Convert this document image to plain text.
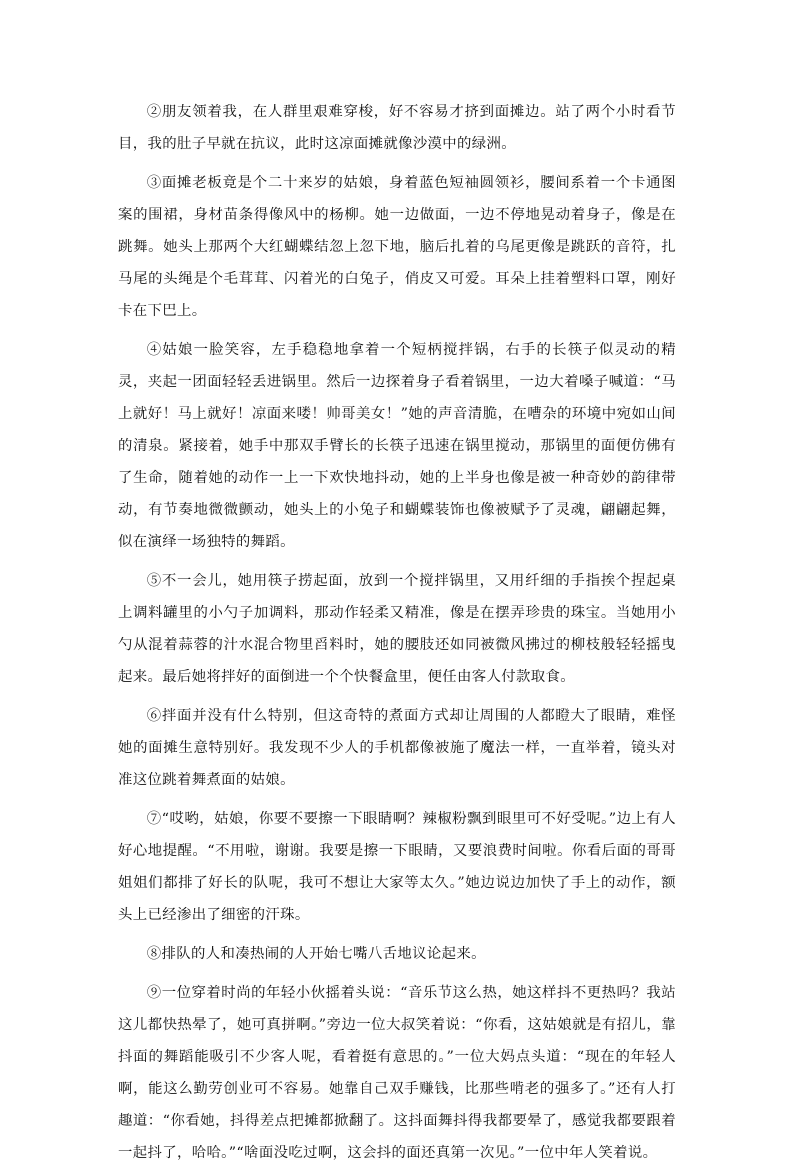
②朋友领着我，在人群里艰难穿梭，好不容易才挤到面摊边。站了两个小时看节目，我的肚子早就在抗议，此时这凉面摊就像沙漠中的绿洲。

③面摊老板竟是个二十来岁的姑娘，身着蓝色短袖圆领衫，腰间系着一个卡通图案的围裙，身材苗条得像风中的杨柳。她一边做面，一边不停地晃动着身子，像是在跳舞。她头上那两个大红蝴蝶结忽上忽下地，脑后扎着的乌尾更像是跳跃的音符，扎马尾的头绳是个毛茸茸、闪着光的白兔子，俏皮又可爱。耳朵上挂着塑料口罩，刚好卡在下巴上。

④姑娘一脸笑容，左手稳稳地拿着一个短柄搅拌锅，右手的长筷子似灵动的精灵，夹起一团面轻轻丢进锅里。然后一边探着身子看着锅里，一边大着嗓子喊道：“马上就好！马上就好！凉面来喽！帅哥美女！”她的声音清脆，在嘈杂的环境中宛如山间的清泉。紧接着，她手中那双手臂长的长筷子迅速在锅里搅动，那锅里的面便仿佛有了生命，随着她的动作一上一下欢快地抖动，她的上半身也像是被一种奇妙的韵律带动，有节奏地微微颤动，她头上的小兔子和蝴蝶装饰也像被赋予了灵魂，翩翩起舞，似在演绎一场独特的舞蹈。

⑤不一会儿，她用筷子捞起面，放到一个搅拌锅里，又用纤细的手指挨个捏起桌上调料罐里的小勺子加调料，那动作轻柔又精准，像是在摆弄珍贵的珠宝。当她用小勺从混着蒜蓉的汁水混合物里舀料时，她的腰肢还如同被微风拂过的柳枝般轻轻摇曳起来。最后她将拌好的面倒进一个个快餐盒里，便任由客人付款取食。

⑥拌面并没有什么特别，但这奇特的煮面方式却让周围的人都瞪大了眼睛，难怪她的面摊生意特别好。我发现不少人的手机都像被施了魔法一样，一直举着，镜头对准这位跳着舞煮面的姑娘。

⑦“哎哟，姑娘，你要不要擦一下眼睛啊？辣椒粉飘到眼里可不好受呢。”边上有人好心地提醒。“不用啦，谢谢。我要是擦一下眼睛，又要浪费时间啦。你看后面的哥哥姐姐们都排了好长的队呢，我可不想让大家等太久。”她边说边加快了手上的动作，额头上已经渗出了细密的汗珠。

⑧排队的人和凑热闹的人开始七嘴八舌地议论起来。

⑨一位穿着时尚的年轻小伙摇着头说：“音乐节这么热，她这样抖不更热吗？我站这儿都快热晕了，她可真拼啊。”旁边一位大叔笑着说：“你看，这姑娘就是有招儿，靠抖面的舞蹈能吸引不少客人呢，看着挺有意思的。”一位大妈点头道：“现在的年轻人啊，能这么勤劳创业可不容易。她靠自己双手赚钱，比那些啃老的强多了。”还有人打趣道：“你看她，抖得差点把摊都掀翻了。这抖面舞抖得我都要晕了，感觉我都要跟着一起抖了，哈哈。”“啥面没吃过啊，这会抖的面还真第一次见。”一位中年人笑着说。
